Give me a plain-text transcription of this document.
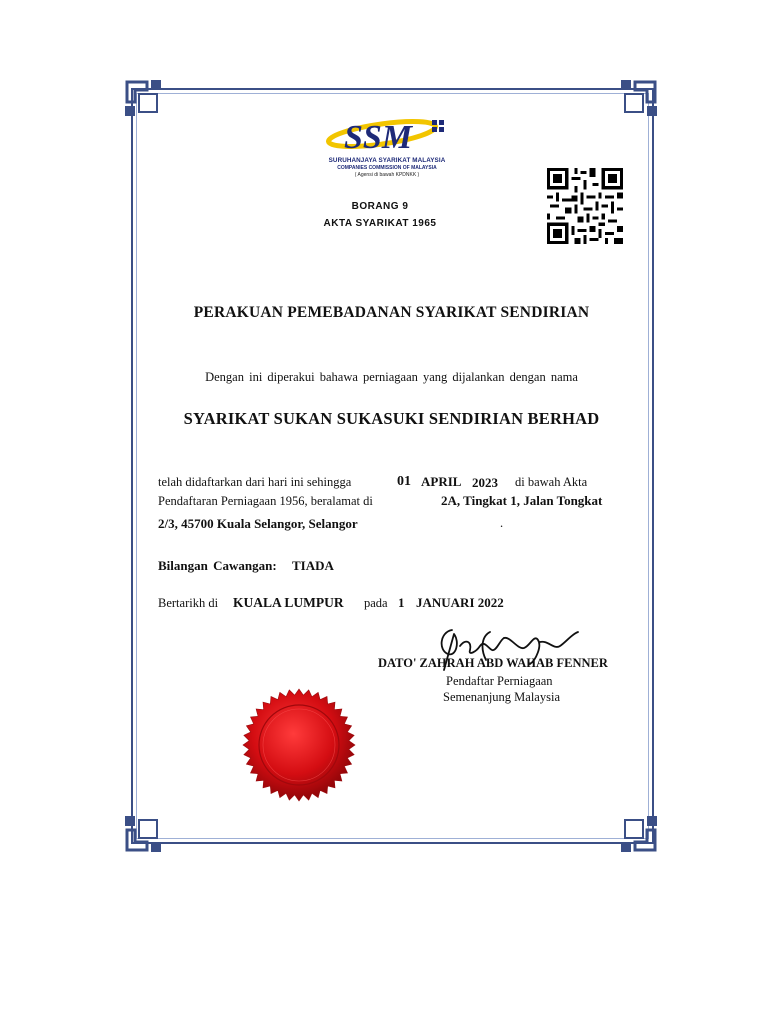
SSM
SURUHANJAYA SYARIKAT MALAYSIA
COMPANIES COMMISSION OF MALAYSIA
( Agensi di bawah KPDNKK )
BORANG 9
AKTA SYARIKAT 1965
PERAKUAN PEMEBADANAN SYARIKAT SENDIRIAN
Dengan ini diperakui bahawa perniagaan yang dijalankan dengan nama
SYARIKAT SUKAN SUKASUKI SENDIRIAN BERHAD
telah didaftarkan dari hari ini sehingga	01 APRIL 2023 di bawah Akta
Pendaftaran Perniagaan 1956, beralamat di	2A, Tingkat 1, Jalan Tongkat
2/3, 45700 Kuala Selangor, Selangor	.
Bilangan Cawangan: TIADA
Bertarikh di KUALA LUMPUR pada 1 JANUARI 2022
DATO' ZAHRAH ABD WAHAB FENNER
Pendaftar Perniagaan
Semenanjung Malaysia
